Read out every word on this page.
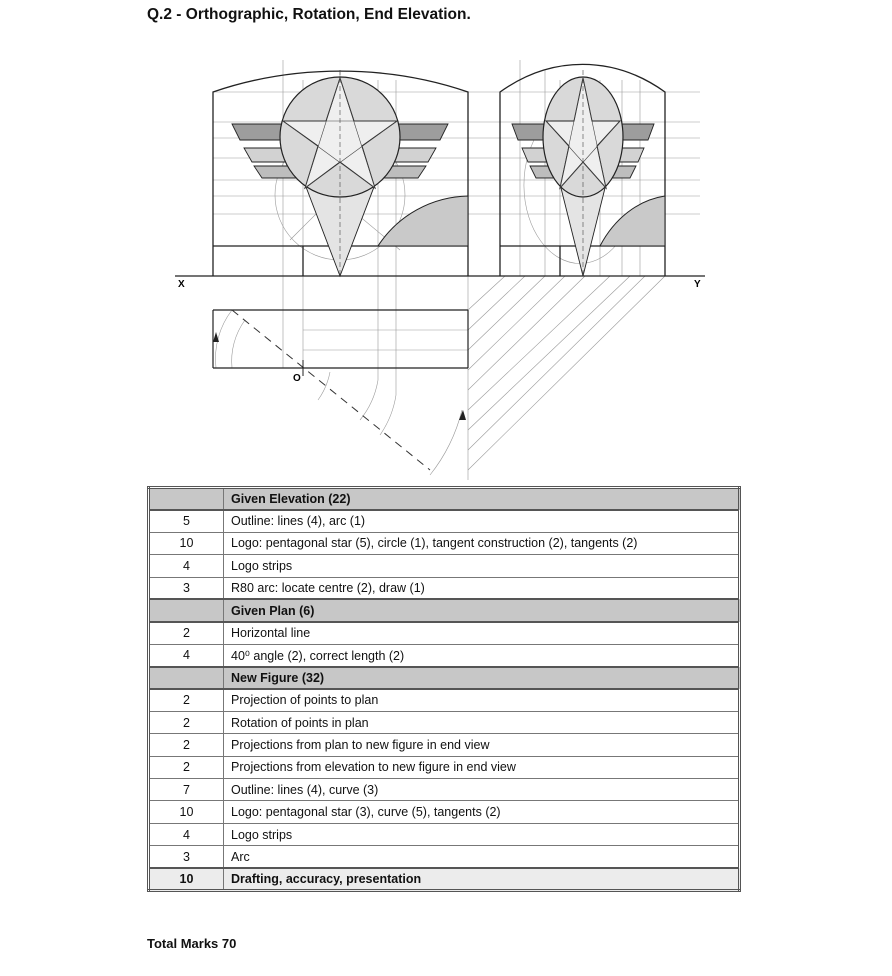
Q.2 - Orthographic, Rotation, End Elevation.
X	Y
O
	Given Elevation (22)
5	Outline: lines (4), arc (1)
10	Logo: pentagonal star (5), circle (1), tangent construction (2), tangents (2)
4	Logo strips
3	R80 arc: locate centre (2), draw (1)
	Given Plan (6)
2	Horizontal line
4	40⁰ angle (2), correct length (2)
	New Figure (32)
2	Projection of points to plan
2	Rotation of points in plan
2	Projections from plan to new figure in end view
2	Projections from elevation to new figure in end view
7	Outline: lines (4), curve (3)
10	Logo: pentagonal star (3), curve (5), tangents (2)
4	Logo strips
3	Arc
10	Drafting, accuracy, presentation
Total Marks 70
